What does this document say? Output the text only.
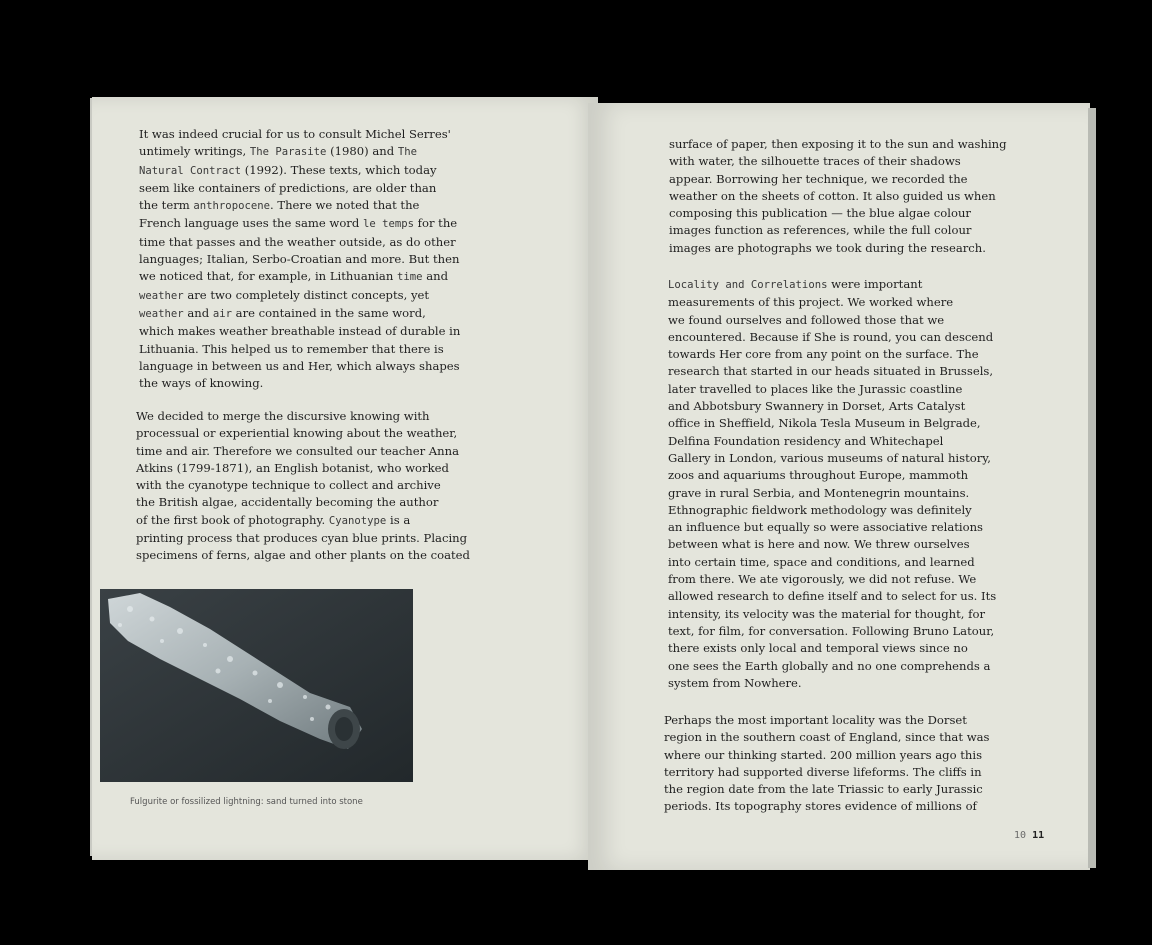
It was indeed crucial for us to consult Michel Serres'
untimely writings, The Parasite (1980) and The
Natural Contract (1992). These texts, which today
seem like containers of predictions, are older than
the term anthropocene. There we noted that the
French language uses the same word le temps for the
time that passes and the weather outside, as do other
languages; Italian, Serbo-Croatian and more. But then
we noticed that, for example, in Lithuanian time and
weather are two completely distinct concepts, yet
weather and air are contained in the same word,
which makes weather breathable instead of durable in
Lithuania. This helped us to remember that there is
language in between us and Her, which always shapes
the ways of knowing.
We decided to merge the discursive knowing with
processual or experiential knowing about the weather,
time and air. Therefore we consulted our teacher Anna
Atkins (1799-1871), an English botanist, who worked
with the cyanotype technique to collect and archive
the British algae, accidentally becoming the author
of the first book of photography. Cyanotype is a
printing process that produces cyan blue prints. Placing
specimens of ferns, algae and other plants on the coated
Fulgurite or fossilized lightning: sand turned into stone
surface of paper, then exposing it to the sun and washing
with water, the silhouette traces of their shadows
appear. Borrowing her technique, we recorded the
weather on the sheets of cotton. It also guided us when
composing this publication — the blue algae colour
images function as references, while the full colour
images are photographs we took during the research.
Locality and Correlations were important
measurements of this project. We worked where
we found ourselves and followed those that we
encountered. Because if She is round, you can descend
towards Her core from any point on the surface. The
research that started in our heads situated in Brussels,
later travelled to places like the Jurassic coastline
and Abbotsbury Swannery in Dorset, Arts Catalyst
office in Sheffield, Nikola Tesla Museum in Belgrade,
Delfina Foundation residency and Whitechapel
Gallery in London, various museums of natural history,
zoos and aquariums throughout Europe, mammoth
grave in rural Serbia, and Montenegrin mountains.
Ethnographic fieldwork methodology was definitely
an influence but equally so were associative relations
between what is here and now. We threw ourselves
into certain time, space and conditions, and learned
from there. We ate vigorously, we did not refuse. We
allowed research to define itself and to select for us. Its
intensity, its velocity was the material for thought, for
text, for film, for conversation. Following Bruno Latour,
there exists only local and temporal views since no
one sees the Earth globally and no one comprehends a
system from Nowhere.
Perhaps the most important locality was the Dorset
region in the southern coast of England, since that was
where our thinking started. 200 million years ago this
territory had supported diverse lifeforms. The cliffs in
the region date from the late Triassic to early Jurassic
periods. Its topography stores evidence of millions of
10 11
